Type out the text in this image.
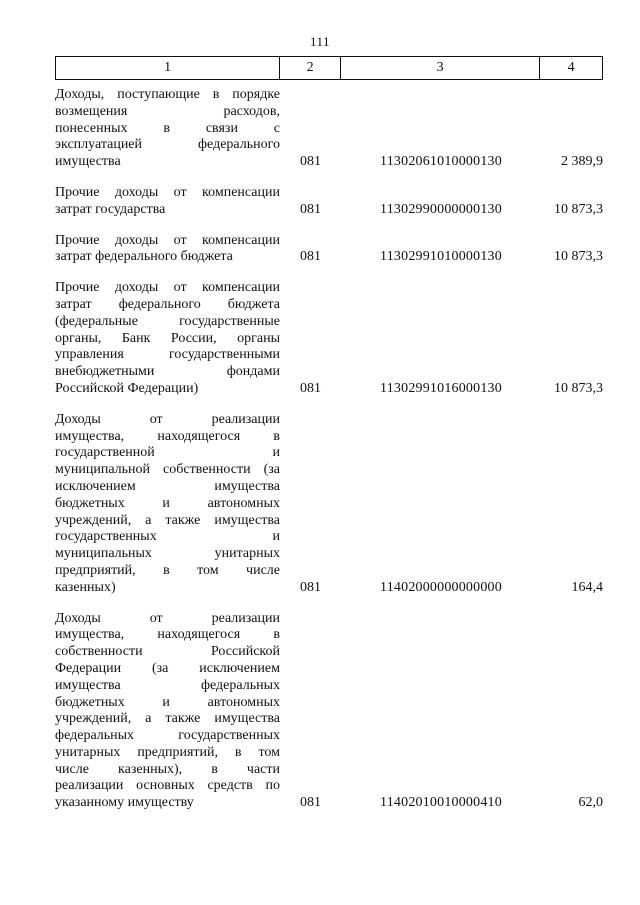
111
1	2	3	4
Доходы, поступающие в порядке
возмещения расходов,
понесенных в связи с
эксплуатацией федерального
имущества	081	11302061010000130	2 389,9
Прочие доходы от компенсации
затрат государства	081	11302990000000130	10 873,3
Прочие доходы от компенсации
затрат федерального бюджета	081	11302991010000130	10 873,3
Прочие доходы от компенсации
затрат федерального бюджета
(федеральные государственные
органы, Банк России, органы
управления государственными
внебюджетными фондами
Российской Федерации)	081	11302991016000130	10 873,3
Доходы от реализации
имущества, находящегося в
государственной и
муниципальной собственности (за
исключением имущества
бюджетных и автономных
учреждений, а также имущества
государственных и
муниципальных унитарных
предприятий, в том числе
казенных)	081	11402000000000000	164,4
Доходы от реализации
имущества, находящегося в
собственности Российской
Федерации (за исключением
имущества федеральных
бюджетных и автономных
учреждений, а также имущества
федеральных государственных
унитарных предприятий, в том
числе казенных), в части
реализации основных средств по
указанному имуществу	081	11402010010000410	62,0
